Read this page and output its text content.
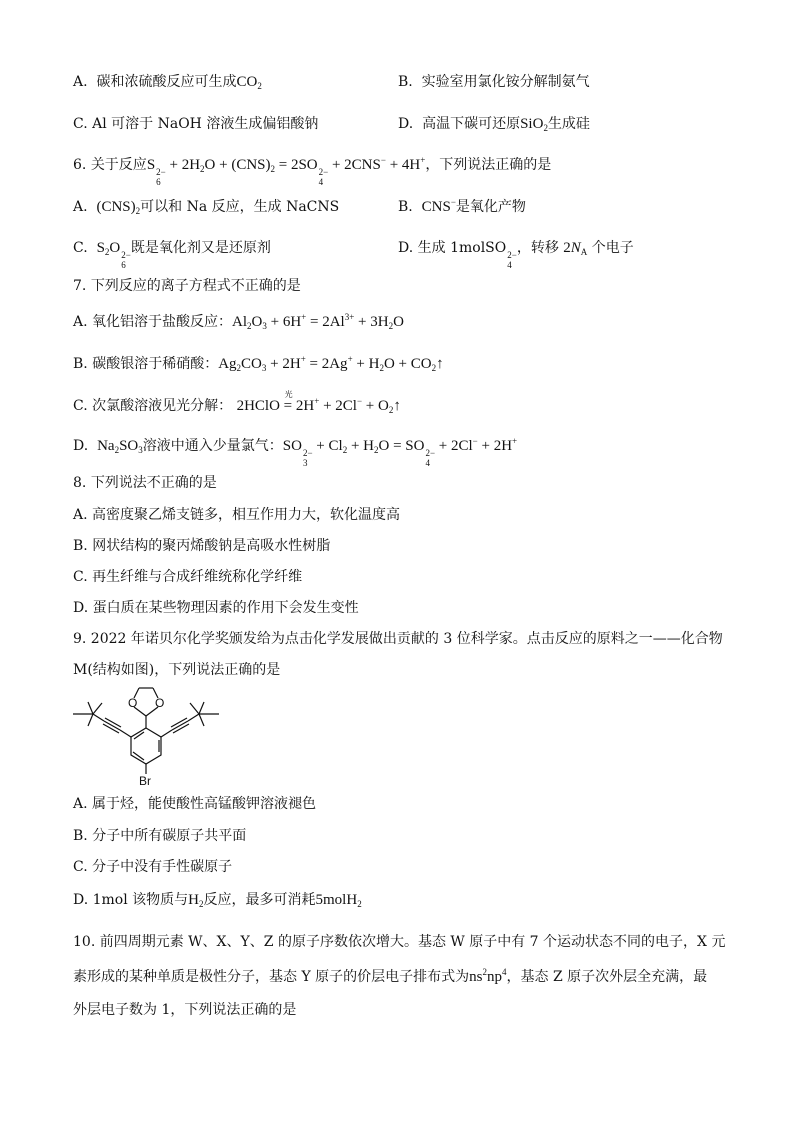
A. 碳和浓硫酸反应可生成$CO_2$	B. 实验室用氯化铵分解制氨气
C. Al 可溶于 NaOH 溶液生成偏铝酸钠	D. 高温下碳可还原SiO$_2$生成硅
6. 关于反应S 2−
6
+ $2H_2O + (CNS)_2 = 2SO$ 2−
4
+ 2CNS− + 4H+，下列说法正确的是
A. $(CNS)_2$可以和 Na 反应，生成 NaCNS	B. CNS−是氧化产物
C. $S_2O$ 2−
6
既是氧化剂又是还原剂	D. 生成 1molSO 2−
4
，转移 $2N_A$ 个电子
7. 下列反应的离子方程式不正确的是
A. 氧化铝溶于盐酸反应：$Al_2O_3 + 6H^+ = 2Al^{3+} + 3H_2O$
B. 碳酸银溶于稀硝酸：$Ag_2CO_3 + 2H^+ = 2Ag^+ + H_2O$ + $CO_2↑$
C. 次氯酸溶液见光分解： 2HClO
光
= $2H^+ + 2Cl^- + O_2↑$
D. $Na_2SO_3$溶液中通入少量氯气：SO 2−
3
+ $Cl_2 + H_2O$ = SO 2−
4
+ 2Cl− + 2H+
8. 下列说法不正确的是
A. 高密度聚乙烯支链多，相互作用力大，软化温度高
B. 网状结构的聚丙烯酸钠是高吸水性树脂
C. 再生纤维与合成纤维统称化学纤维
D. 蛋白质在某些物理因素的作用下会发生变性
9. 2022 年诺贝尔化学奖颁发给为点击化学发展做出贡献的 3 位科学家。点击反应的原料之一——化合物
M(结构如图)，下列说法正确的是
O O
Br
A. 属于烃，能使酸性高锰酸钾溶液褪色
B. 分子中所有碳原子共平面
C. 分子中没有手性碳原子
D. 1mol 该物质与$H_2$反应，最多可消耗5molH$_2$
10. 前四周期元素 W、X、Y、Z 的原子序数依次增大。基态 W 原子中有 7 个运动状态不同的电子，X 元
素形成的某种单质是极性分子，基态 Y 原子的价层电子排布式为$ns^2np^4$，基态 Z 原子次外层全充满，最
外层电子数为 1，下列说法正确的是
